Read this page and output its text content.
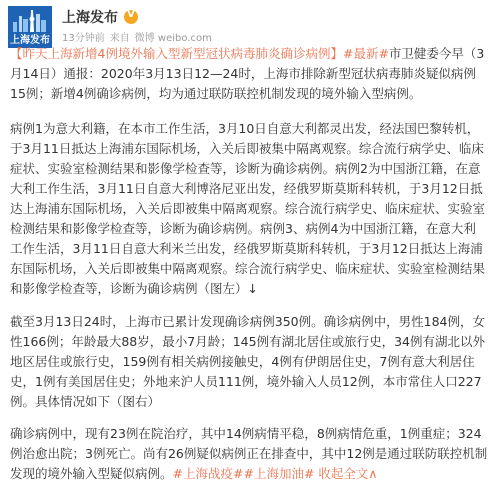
上海发布
上海发布 V
13分钟前 来自 微博 weibo.com

【昨天上海新增4例境外输入型新型冠状病毒肺炎确诊病例】#最新#市卫健委今早（3月14日）通报：2020年3月13日12—24时，上海市排除新型冠状病毒肺炎疑似病例15例；新增4例确诊病例，均为通过联防联控机制发现的境外输入型病例。

病例1为意大利籍，在本市工作生活，3月10日自意大利都灵出发，经法国巴黎转机，于3月11日抵达上海浦东国际机场，入关后即被集中隔离观察。综合流行病学史、临床症状、实验室检测结果和影像学检查等，诊断为确诊病例。病例2为中国浙江籍，在意大利工作生活，3月11日自意大利博洛尼亚出发，经俄罗斯莫斯科转机，于3月12日抵达上海浦东国际机场，入关后即被集中隔离观察。综合流行病学史、临床症状、实验室检测结果和影像学检查等，诊断为确诊病例。病例3、病例4为中国浙江籍，在意大利工作生活，3月11日自意大利米兰出发，经俄罗斯莫斯科转机，于3月12日抵达上海浦东国际机场，入关后即被集中隔离观察。综合流行病学史、临床症状、实验室检测结果和影像学检查等，诊断为确诊病例（图左）↓

截至3月13日24时，上海市已累计发现确诊病例350例。确诊病例中，男性184例，女性166例；年龄最大88岁，最小7月龄；145例有湖北居住或旅行史，34例有湖北以外地区居住或旅行史，159例有相关病例接触史，4例有伊朗居住史，7例有意大利居住史，1例有美国居住史；外地来沪人员111例，境外输入人员12例，本市常住人口227例。具体情况如下（图右）

确诊病例中，现有23例在院治疗，其中14例病情平稳，8例病情危重，1例重症；324例治愈出院；3例死亡。尚有26例疑似病例正在排查中，其中12例是通过联防联控机制发现的境外输入型疑似病例。#上海战疫##上海加油# 收起全文∧
